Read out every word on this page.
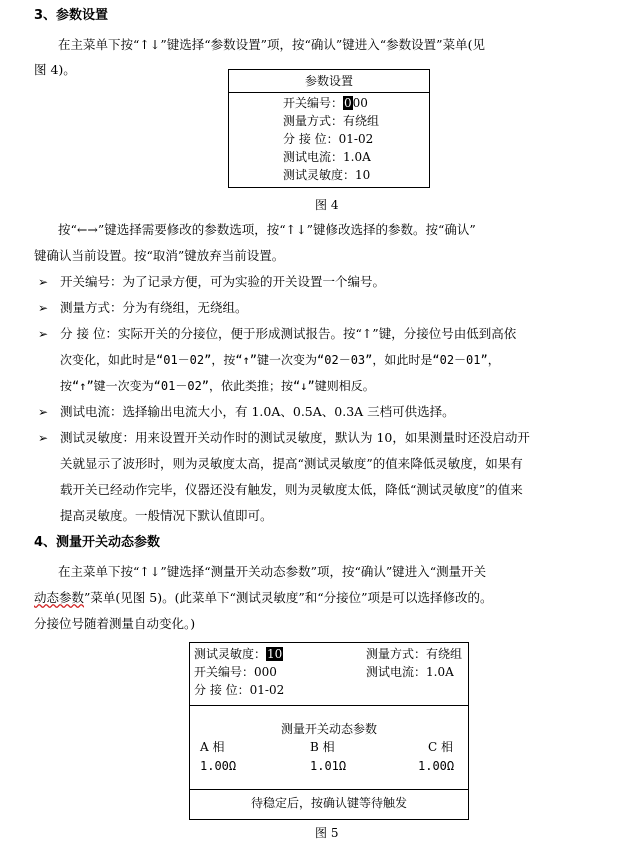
3、参数设置
在主菜单下按“↑↓”键选择“参数设置”项，按“确认”键进入“参数设置”菜单(见
图 4)。
参数设置
开关编号：000
测量方式：有绕组
分 接 位：01-02
测试电流：1.0A
测试灵敏度：10
图 4
按“←→”键选择需要修改的参数选项，按“↑↓”键修改选择的参数。按“确认”
键确认当前设置。按“取消”键放弃当前设置。
➢ 开关编号：为了记录方便，可为实验的开关设置一个编号。
➢ 测量方式：分为有绕组，无绕组。
➢ 分 接 位：实际开关的分接位，便于形成测试报告。按“↑”键，分接位号由低到高依
次变化，如此时是“01－02”，按“↑”键一次变为“02－03”，如此时是“02－01”，
按“↑”键一次变为“01－02”，依此类推；按“↓”键则相反。
➢ 测试电流：选择输出电流大小，有 1.0A、0.5A、0.3A 三档可供选择。
➢ 测试灵敏度：用来设置开关动作时的测试灵敏度，默认为 10，如果测量时还没启动开
关就显示了波形时，则为灵敏度太高，提高“测试灵敏度”的值来降低灵敏度，如果有
载开关已经动作完毕，仪器还没有触发，则为灵敏度太低，降低“测试灵敏度”的值来
提高灵敏度。一般情况下默认值即可。
4、测量开关动态参数
在主菜单下按“↑↓”键选择“测量开关动态参数”项，按“确认”键进入“测量开关
动态参数”菜单(见图 5)。(此菜单下“测试灵敏度”和“分接位”项是可以选择修改的。
分接位号随着测量自动变化。)
测试灵敏度：10	测量方式：有绕组
开关编号：000	测试电流：1.0A
分 接 位：01-02
测量开关动态参数
A 相	B 相	C 相
1.00Ω	1.01Ω	1.00Ω
待稳定后，按确认键等待触发
图 5
